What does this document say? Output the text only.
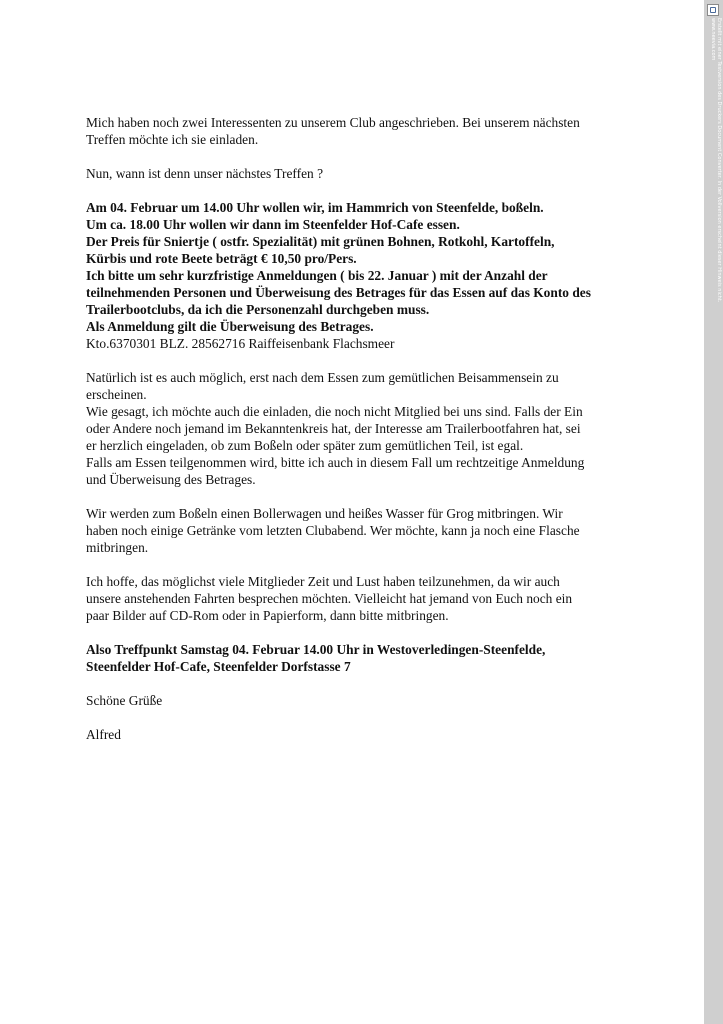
Mich haben noch zwei Interessenten zu unserem Club angeschrieben. Bei unserem nächsten
Treffen möchte ich sie einladen.
Nun, wann ist denn unser nächstes Treffen ?
Am 04. Februar um 14.00 Uhr wollen wir, im Hammrich von Steenfelde, boßeln.
Um ca. 18.00 Uhr wollen wir dann im Steenfelder Hof-Cafe essen.
Der Preis für Sniertje ( ostfr. Spezialität) mit grünen Bohnen, Rotkohl, Kartoffeln,
Kürbis und rote Beete beträgt € 10,50 pro/Pers.
Ich bitte um sehr kurzfristige Anmeldungen ( bis 22. Januar ) mit der Anzahl der
teilnehmenden Personen und Überweisung des Betrages für das Essen auf das Konto des
Trailerbootclubs, da ich die Personenzahl durchgeben muss.
Als Anmeldung gilt die Überweisung des Betrages.
Kto.6370301 BLZ. 28562716 Raiffeisenbank Flachsmeer
Natürlich ist es auch möglich, erst nach dem Essen zum gemütlichen Beisammensein zu
erscheinen.
Wie gesagt, ich möchte auch die einladen, die noch nicht Mitglied bei uns sind. Falls der Ein
oder Andere noch jemand im Bekanntenkreis hat, der Interesse am Trailerbootfahren hat, sei
er herzlich eingeladen, ob zum Boßeln oder später zum gemütlichen Teil, ist egal.
Falls am Essen teilgenommen wird, bitte ich auch in diesem Fall um rechtzeitige Anmeldung
und Überweisung des Betrages.
Wir werden zum Boßeln einen Bollerwagen und heißes Wasser für Grog mitbringen. Wir
haben noch einige Getränke vom letzten Clubabend. Wer möchte, kann ja noch eine Flasche
mitbringen.
Ich hoffe, das möglichst viele Mitglieder Zeit und Lust haben teilzunehmen, da wir auch
unsere anstehenden Fahrten besprechen möchten. Vielleicht hat jemand von Euch noch ein
paar Bilder auf CD-Rom oder in Papierform, dann bitte mitbringen.
Also Treffpunkt Samstag 04. Februar 14.00 Uhr in Westoverledingen-Steenfelde,
Steenfelder Hof-Cafe, Steenfelder Dorfstasse 7
Schöne Grüße
Alfred
Erstellt mit einer Testversion des Druckers Document Converter. In der Vollversion erscheint dieser Hinweis nicht.
www.neevia.com
